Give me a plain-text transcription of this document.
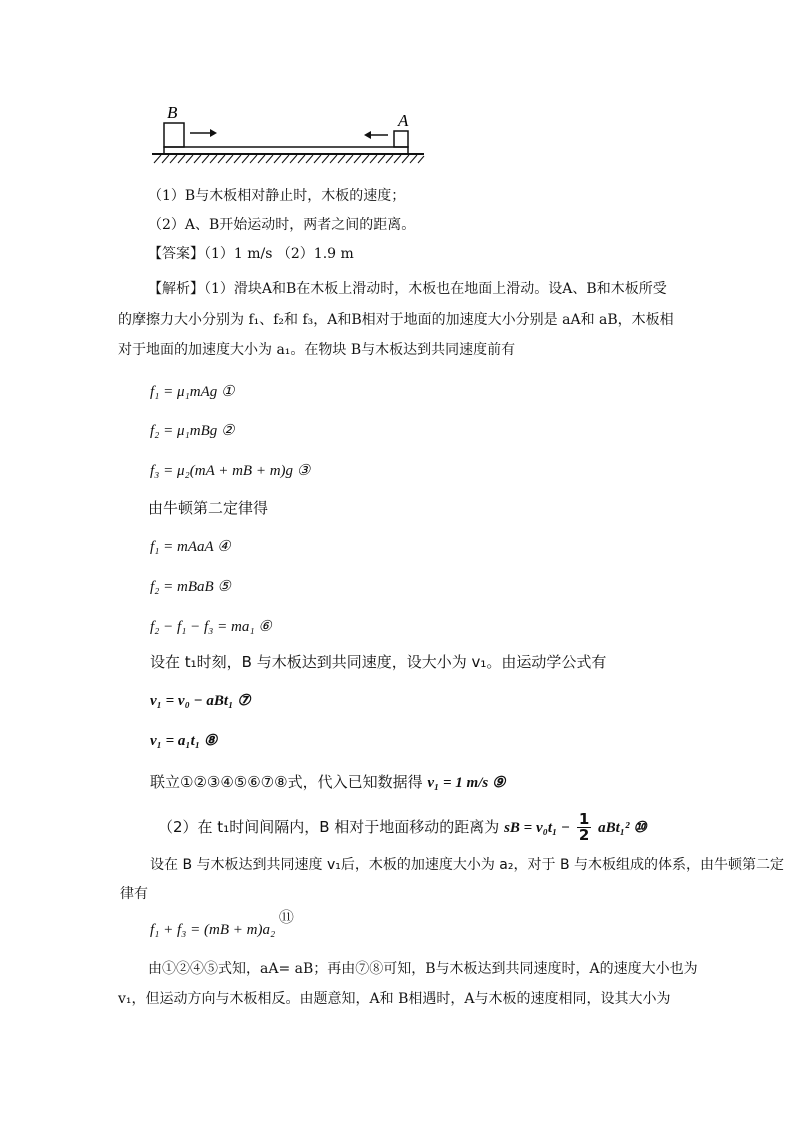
B	A
（1）B与木板相对静止时，木板的速度；
（2）A、B开始运动时，两者之间的距离。
【答案】（1）1 m/s （2）1.9 m
【解析】（1）滑块A和B在木板上滑动时，木板也在地面上滑动。设A、B和木板所受
的摩擦力大小分别为 f₁、f₂和 f₃，A和B相对于地面的加速度大小分别是 aA和 aB，木板相
对于地面的加速度大小为 a₁。在物块 B与木板达到共同速度前有
f₁ = μ₁mAg ①
f₂ = μ₁mBg ②
f₃ = μ₂(mA + mB + m)g ③
由牛顿第二定律得
f₁ = mAaA ④
f₂ = mBaB ⑤
f₂ − f₁ − f₃ = ma₁ ⑥
设在 t₁时刻，B 与木板达到共同速度，设大小为 v₁。由运动学公式有
v₁ = v₀ − aBt₁ ⑦
v₁ = a₁t₁ ⑧
联立①②③④⑤⑥⑦⑧式，代入已知数据得 v₁ = 1 m/s ⑨
（2）在 t₁时间间隔内，B 相对于地面移动的距离为 sB = $v_0t_1 - \frac{1}{2} aBt_1^2$ ⑩
设在 B 与木板达到共同速度 v₁后，木板的加速度大小为 a₂，对于 B 与木板组成的体系，由牛顿第二定
律有
f₁ + f₃ = (mB + m)a₂ ⑪
由①②④⑤式知，aA= aB；再由⑦⑧可知，B与木板达到共同速度时，A的速度大小也为
v₁，但运动方向与木板相反。由题意知，A和 B相遇时，A与木板的速度相同，设其大小为
